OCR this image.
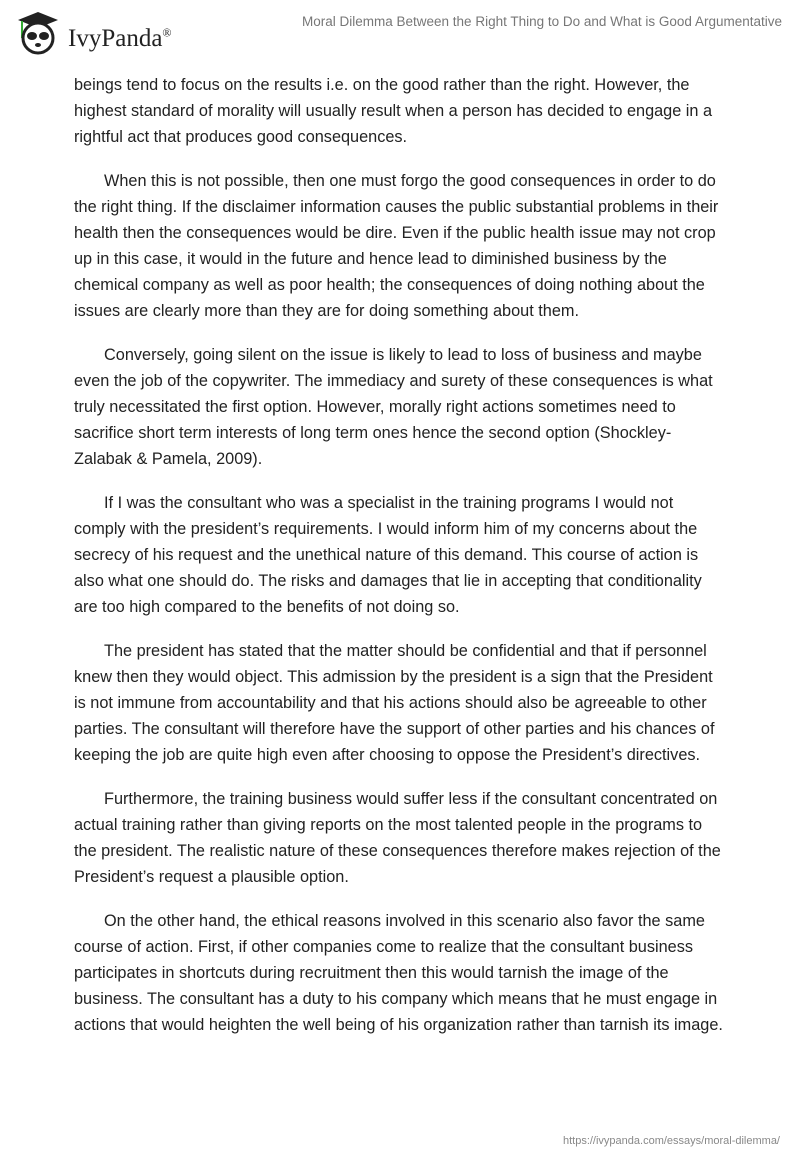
IvyPanda®
Moral Dilemma Between the Right Thing to Do and What is Good Argumentative

beings tend to focus on the results i.e. on the good rather than the right. However, the highest standard of morality will usually result when a person has decided to engage in a rightful act that produces good consequences.

When this is not possible, then one must forgo the good consequences in order to do the right thing. If the disclaimer information causes the public substantial problems in their health then the consequences would be dire. Even if the public health issue may not crop up in this case, it would in the future and hence lead to diminished business by the chemical company as well as poor health; the consequences of doing nothing about the issues are clearly more than they are for doing something about them.

Conversely, going silent on the issue is likely to lead to loss of business and maybe even the job of the copywriter. The immediacy and surety of these consequences is what truly necessitated the first option. However, morally right actions sometimes need to sacrifice short term interests of long term ones hence the second option (Shockley-Zalabak & Pamela, 2009).

If I was the consultant who was a specialist in the training programs I would not comply with the president’s requirements. I would inform him of my concerns about the secrecy of his request and the unethical nature of this demand. This course of action is also what one should do. The risks and damages that lie in accepting that conditionality are too high compared to the benefits of not doing so.

The president has stated that the matter should be confidential and that if personnel knew then they would object. This admission by the president is a sign that the President is not immune from accountability and that his actions should also be agreeable to other parties. The consultant will therefore have the support of other parties and his chances of keeping the job are quite high even after choosing to oppose the President’s directives.

Furthermore, the training business would suffer less if the consultant concentrated on actual training rather than giving reports on the most talented people in the programs to the president. The realistic nature of these consequences therefore makes rejection of the President’s request a plausible option.

On the other hand, the ethical reasons involved in this scenario also favor the same course of action. First, if other companies come to realize that the consultant business participates in shortcuts during recruitment then this would tarnish the image of the business. The consultant has a duty to his company which means that he must engage in actions that would heighten the well being of his organization rather than tarnish its image.

https://ivypanda.com/essays/moral-dilemma/
